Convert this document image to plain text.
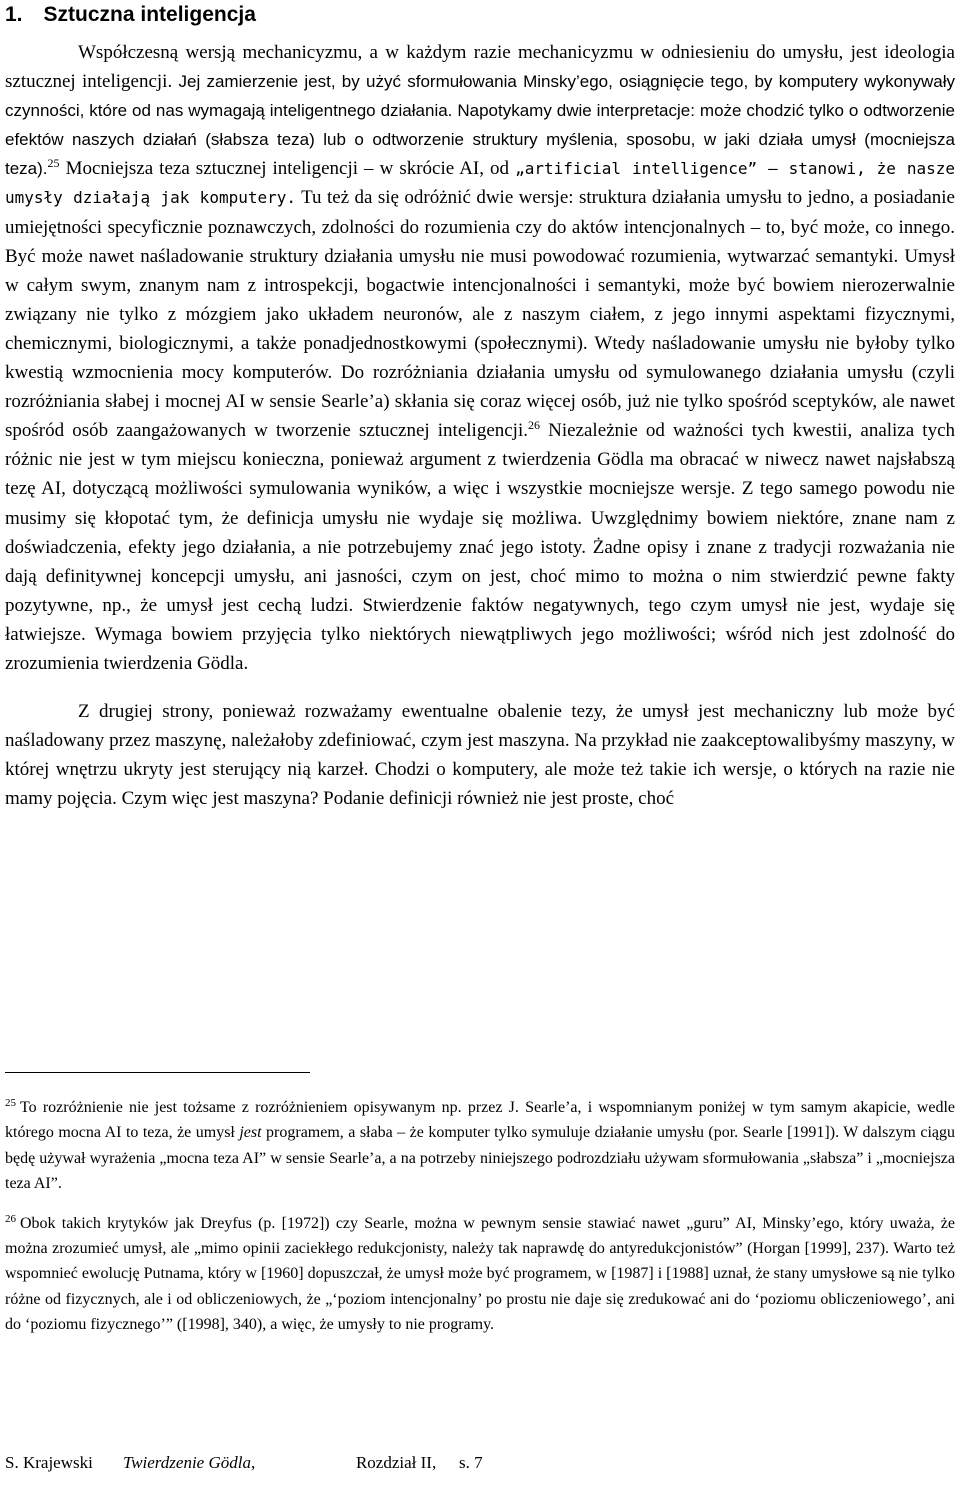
1. Sztuczna inteligencja

Współczesną wersją mechanicyzmu, a w każdym razie mechanicyzmu w odniesieniu do umysłu, jest ideologia sztucznej inteligencji. Jej zamierzenie jest, by użyć sformułowania Minsky’ego, osiągnięcie tego, by komputery wykonywały czynności, które od nas wymagają inteligentnego działania. Napotykamy dwie interpretacje: może chodzić tylko o odtworzenie efektów naszych działań (słabsza teza) lub o odtworzenie struktury myślenia, sposobu, w jaki działa umysł (mocniejsza teza).$^{25}$ Mocniejsza teza sztucznej inteligencji – w skrócie AI, od „artificial intelligence” – stanowi, że nasze umysły działają jak komputery. Tu też da się odróżnić dwie wersje: struktura działania umysłu to jedno, a posiadanie umiejętności specyficznie poznawczych, zdolności do rozumienia czy do aktów intencjonalnych – to, być może, co innego. Być może nawet naśladowanie struktury działania umysłu nie musi powodować rozumienia, wytwarzać semantyki. Umysł w całym swym, znanym nam z introspekcji, bogactwie intencjonalności i semantyki, może być bowiem nierozerwalnie związany nie tylko z mózgiem jako układem neuronów, ale z naszym ciałem, z jego innymi aspektami fizycznymi, chemicznymi, biologicznymi, a także ponadjednostkowymi (społecznymi). Wtedy naśladowanie umysłu nie byłoby tylko kwestią wzmocnienia mocy komputerów. Do rozróżniania działania umysłu od symulowanego działania umysłu (czyli rozróżniania słabej i mocnej AI w sensie Searle’a) skłania się coraz więcej osób, już nie tylko spośród sceptyków, ale nawet spośród osób zaangażowanych w tworzenie sztucznej inteligencji.$^{26}$ Niezależnie od ważności tych kwestii, analiza tych różnic nie jest w tym miejscu konieczna, ponieważ argument z twierdzenia Gödla ma obracać w niwecz nawet najsłabszą tezę AI, dotyczącą możliwości symulowania wyników, a więc i wszystkie mocniejsze wersje. Z tego samego powodu nie musimy się kłopotać tym, że definicja umysłu nie wydaje się możliwa. Uwzględnimy bowiem niektóre, znane nam z doświadczenia, efekty jego działania, a nie potrzebujemy znać jego istoty. Żadne opisy i znane z tradycji rozważania nie dają definitywnej koncepcji umysłu, ani jasności, czym on jest, choć mimo to można o nim stwierdzić pewne fakty pozytywne, np., że umysł jest cechą ludzi. Stwierdzenie faktów negatywnych, tego czym umysł nie jest, wydaje się łatwiejsze. Wymaga bowiem przyjęcia tylko niektórych niewątpliwych jego możliwości; wśród nich jest zdolność do zrozumienia twierdzenia Gödla.

Z drugiej strony, ponieważ rozważamy ewentualne obalenie tezy, że umysł jest mechaniczny lub może być naśladowany przez maszynę, należałoby zdefiniować, czym jest maszyna. Na przykład nie zaakceptowalibyśmy maszyny, w której wnętrzu ukryty jest sterujący nią karzeł. Chodzi o komputery, ale może też takie ich wersje, o których na razie nie mamy pojęcia. Czym więc jest maszyna? Podanie definicji również nie jest proste, choć

$^{25}$ To rozróżnienie nie jest tożsame z rozróżnieniem opisywanym np. przez J. Searle’a, i wspomnianym poniżej w tym samym akapicie, wedle którego mocna AI to teza, że umysł jest programem, a słaba – że komputer tylko symuluje działanie umysłu (por. Searle [1991]). W dalszym ciągu będę używał wyrażenia „mocna teza AI” w sensie Searle’a, a na potrzeby niniejszego podrozdziału używam sformułowania „słabsza” i „mocniejsza teza AI”.

$^{26}$ Obok takich krytyków jak Dreyfus (p. [1972]) czy Searle, można w pewnym sensie stawiać nawet „guru” AI, Minsky’ego, który uważa, że można zrozumieć umysł, ale „mimo opinii zaciekłego redukcjonisty, należy tak naprawdę do antyredukcjonistów” (Horgan [1999], 237). Warto też wspomnieć ewolucję Putnama, który w [1960] dopuszczał, że umysł może być programem, w [1987] i [1988] uznał, że stany umysłowe są nie tylko różne od fizycznych, ale i od obliczeniowych, że „‘poziom intencjonalny’ po prostu nie daje się zredukować ani do ‘poziomu obliczeniowego’, ani do ‘poziomu fizycznego’” ([1998], 340), a więc, że umysły to nie programy.

S. Krajewski Twierdzenie Gödla,	Rozdział II, s. 7
